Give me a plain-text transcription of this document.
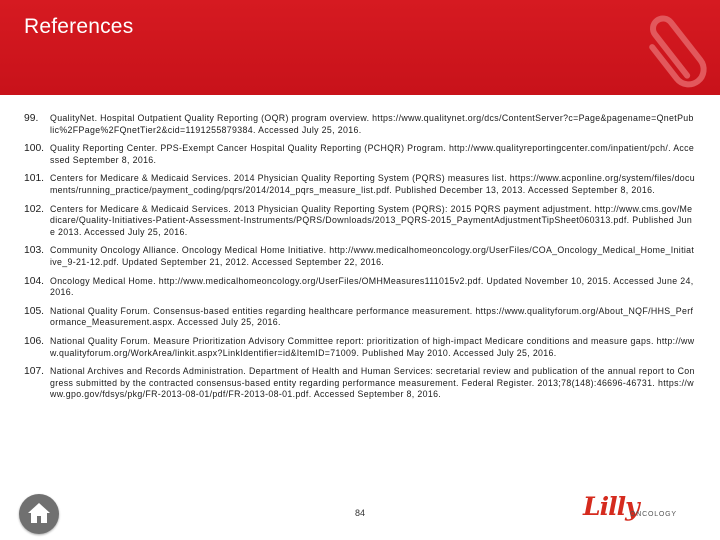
References
99.	QualityNet. Hospital Outpatient Quality Reporting (OQR) program overview. https://www.qualitynet.org/dcs/ContentServer?c=Page&pagename=QnetPublic%2FPage%2FQnetTier2&cid=1191255879384. Accessed July 25, 2016.
100. Quality Reporting Center. PPS-Exempt Cancer Hospital Quality Reporting (PCHQR) Program. http://www.qualityreportingcenter.com/inpatient/pch/. Accessed September 8, 2016.
101. Centers for Medicare & Medicaid Services. 2014 Physician Quality Reporting System (PQRS) measures list. https://www.acponline.org/system/files/documents/running_practice/payment_coding/pqrs/2014/2014_pqrs_measure_list.pdf. Published December 13, 2013. Accessed September 8, 2016.
102. Centers for Medicare & Medicaid Services. 2013 Physician Quality Reporting System (PQRS): 2015 PQRS payment adjustment. http://www.cms.gov/Medicare/Quality-Initiatives-Patient-Assessment-Instruments/PQRS/Downloads/2013_PQRS-2015_PaymentAdjustmentTipSheet060313.pdf. Published June 2013. Accessed July 25, 2016.
103. Community Oncology Alliance. Oncology Medical Home Initiative. http://www.medicalhomeoncology.org/UserFiles/COA_Oncology_Medical_Home_Initiative_9-21-12.pdf. Updated September 21, 2012. Accessed September 22, 2016.
104. Oncology Medical Home. http://www.medicalhomeoncology.org/UserFiles/OMHMeasures111015v2.pdf. Updated November 10, 2015. Accessed June 24, 2016.
105. National Quality Forum. Consensus-based entities regarding healthcare performance measurement. https://www.qualityforum.org/About_NQF/HHS_Performance_Measurement.aspx. Accessed July 25, 2016.
106. National Quality Forum. Measure Prioritization Advisory Committee report: prioritization of high-impact Medicare conditions and measure gaps. http://www.qualityforum.org/WorkArea/linkit.aspx?LinkIdentifier=id&ItemID=71009. Published May 2010. Accessed July 25, 2016.
107. National Archives and Records Administration. Department of Health and Human Services: secretarial review and publication of the annual report to Congress submitted by the contracted consensus-based entity regarding performance measurement. Federal Register. 2013;78(148):46696-46731. https://www.gpo.gov/fdsys/pkg/FR-2013-08-01/pdf/FR-2013-08-01.pdf. Accessed September 8, 2016.
84	Lilly
ONCOLOGY
